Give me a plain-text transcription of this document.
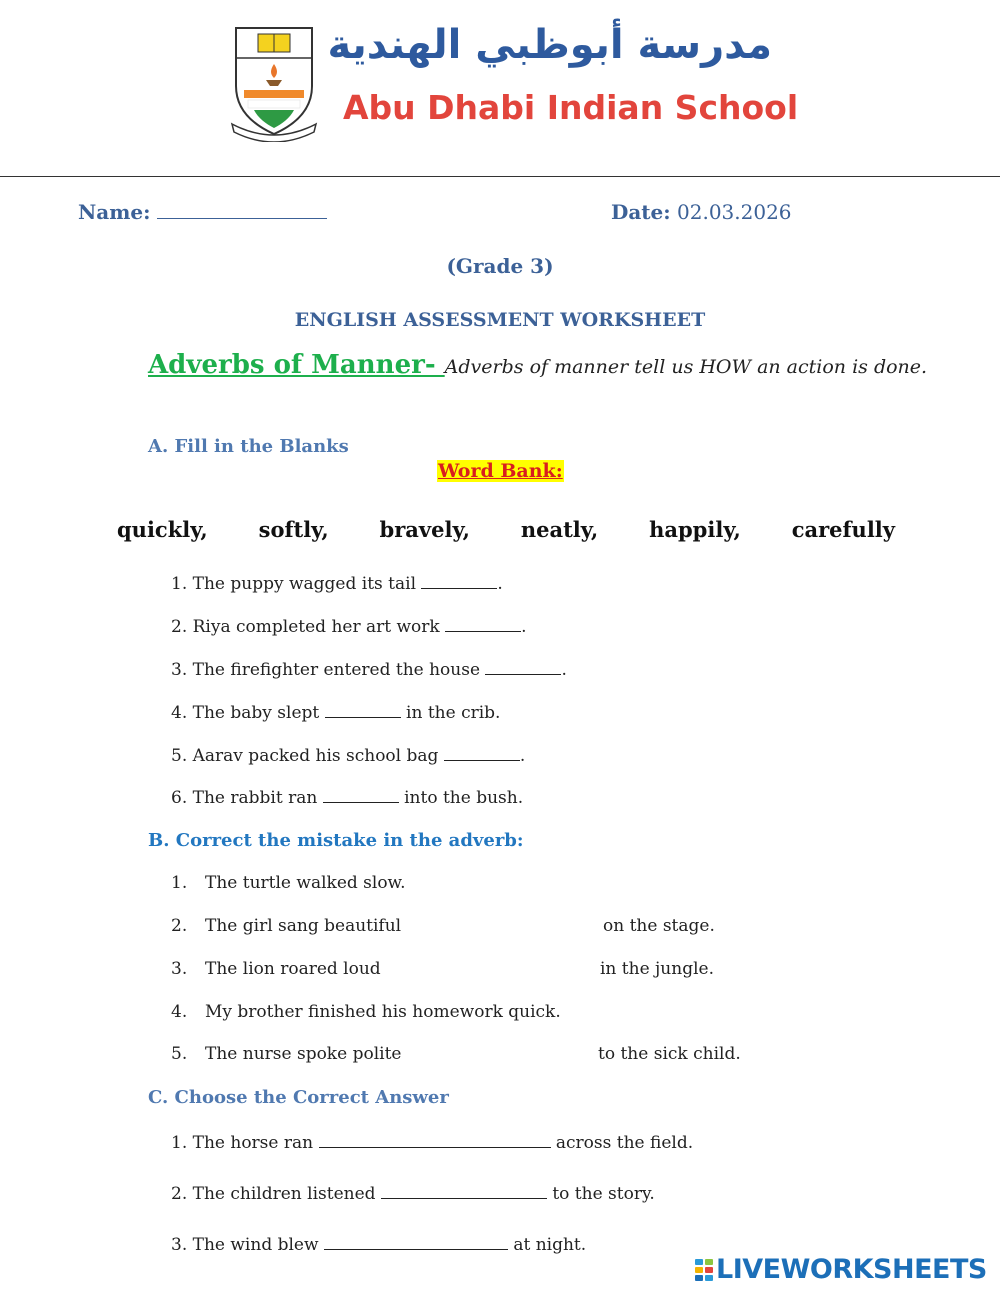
مدرسة أبوظبي الهندية
Abu Dhabi Indian School
Name:	Date: 02.03.2026
(Grade 3)
ENGLISH ASSESSMENT WORKSHEET
Adverbs of Manner- Adverbs of manner tell us HOW an action is done.
A. Fill in the Blanks
Word Bank:
quickly, softly, bravely, neatly, happily, carefully
1. The puppy wagged its tail	.
2. Riya completed her art work	.
3. The firefighter entered the house	.
4. The baby slept	in the crib.
5. Aarav packed his school bag	.
6. The rabbit ran	into the bush.
B. Correct the mistake in the adverb:
1. The turtle walked slow.
2. The girl sang beautiful	on the stage.
3. The lion roared loud	in the jungle.
4. My brother finished his homework quick.
5. The nurse spoke polite	to the sick child.
C. Choose the Correct Answer
1. The horse ran	across the field.
2. The children listened	to the story.
3. The wind blew	at night.
LIVEWORKSHEETS
